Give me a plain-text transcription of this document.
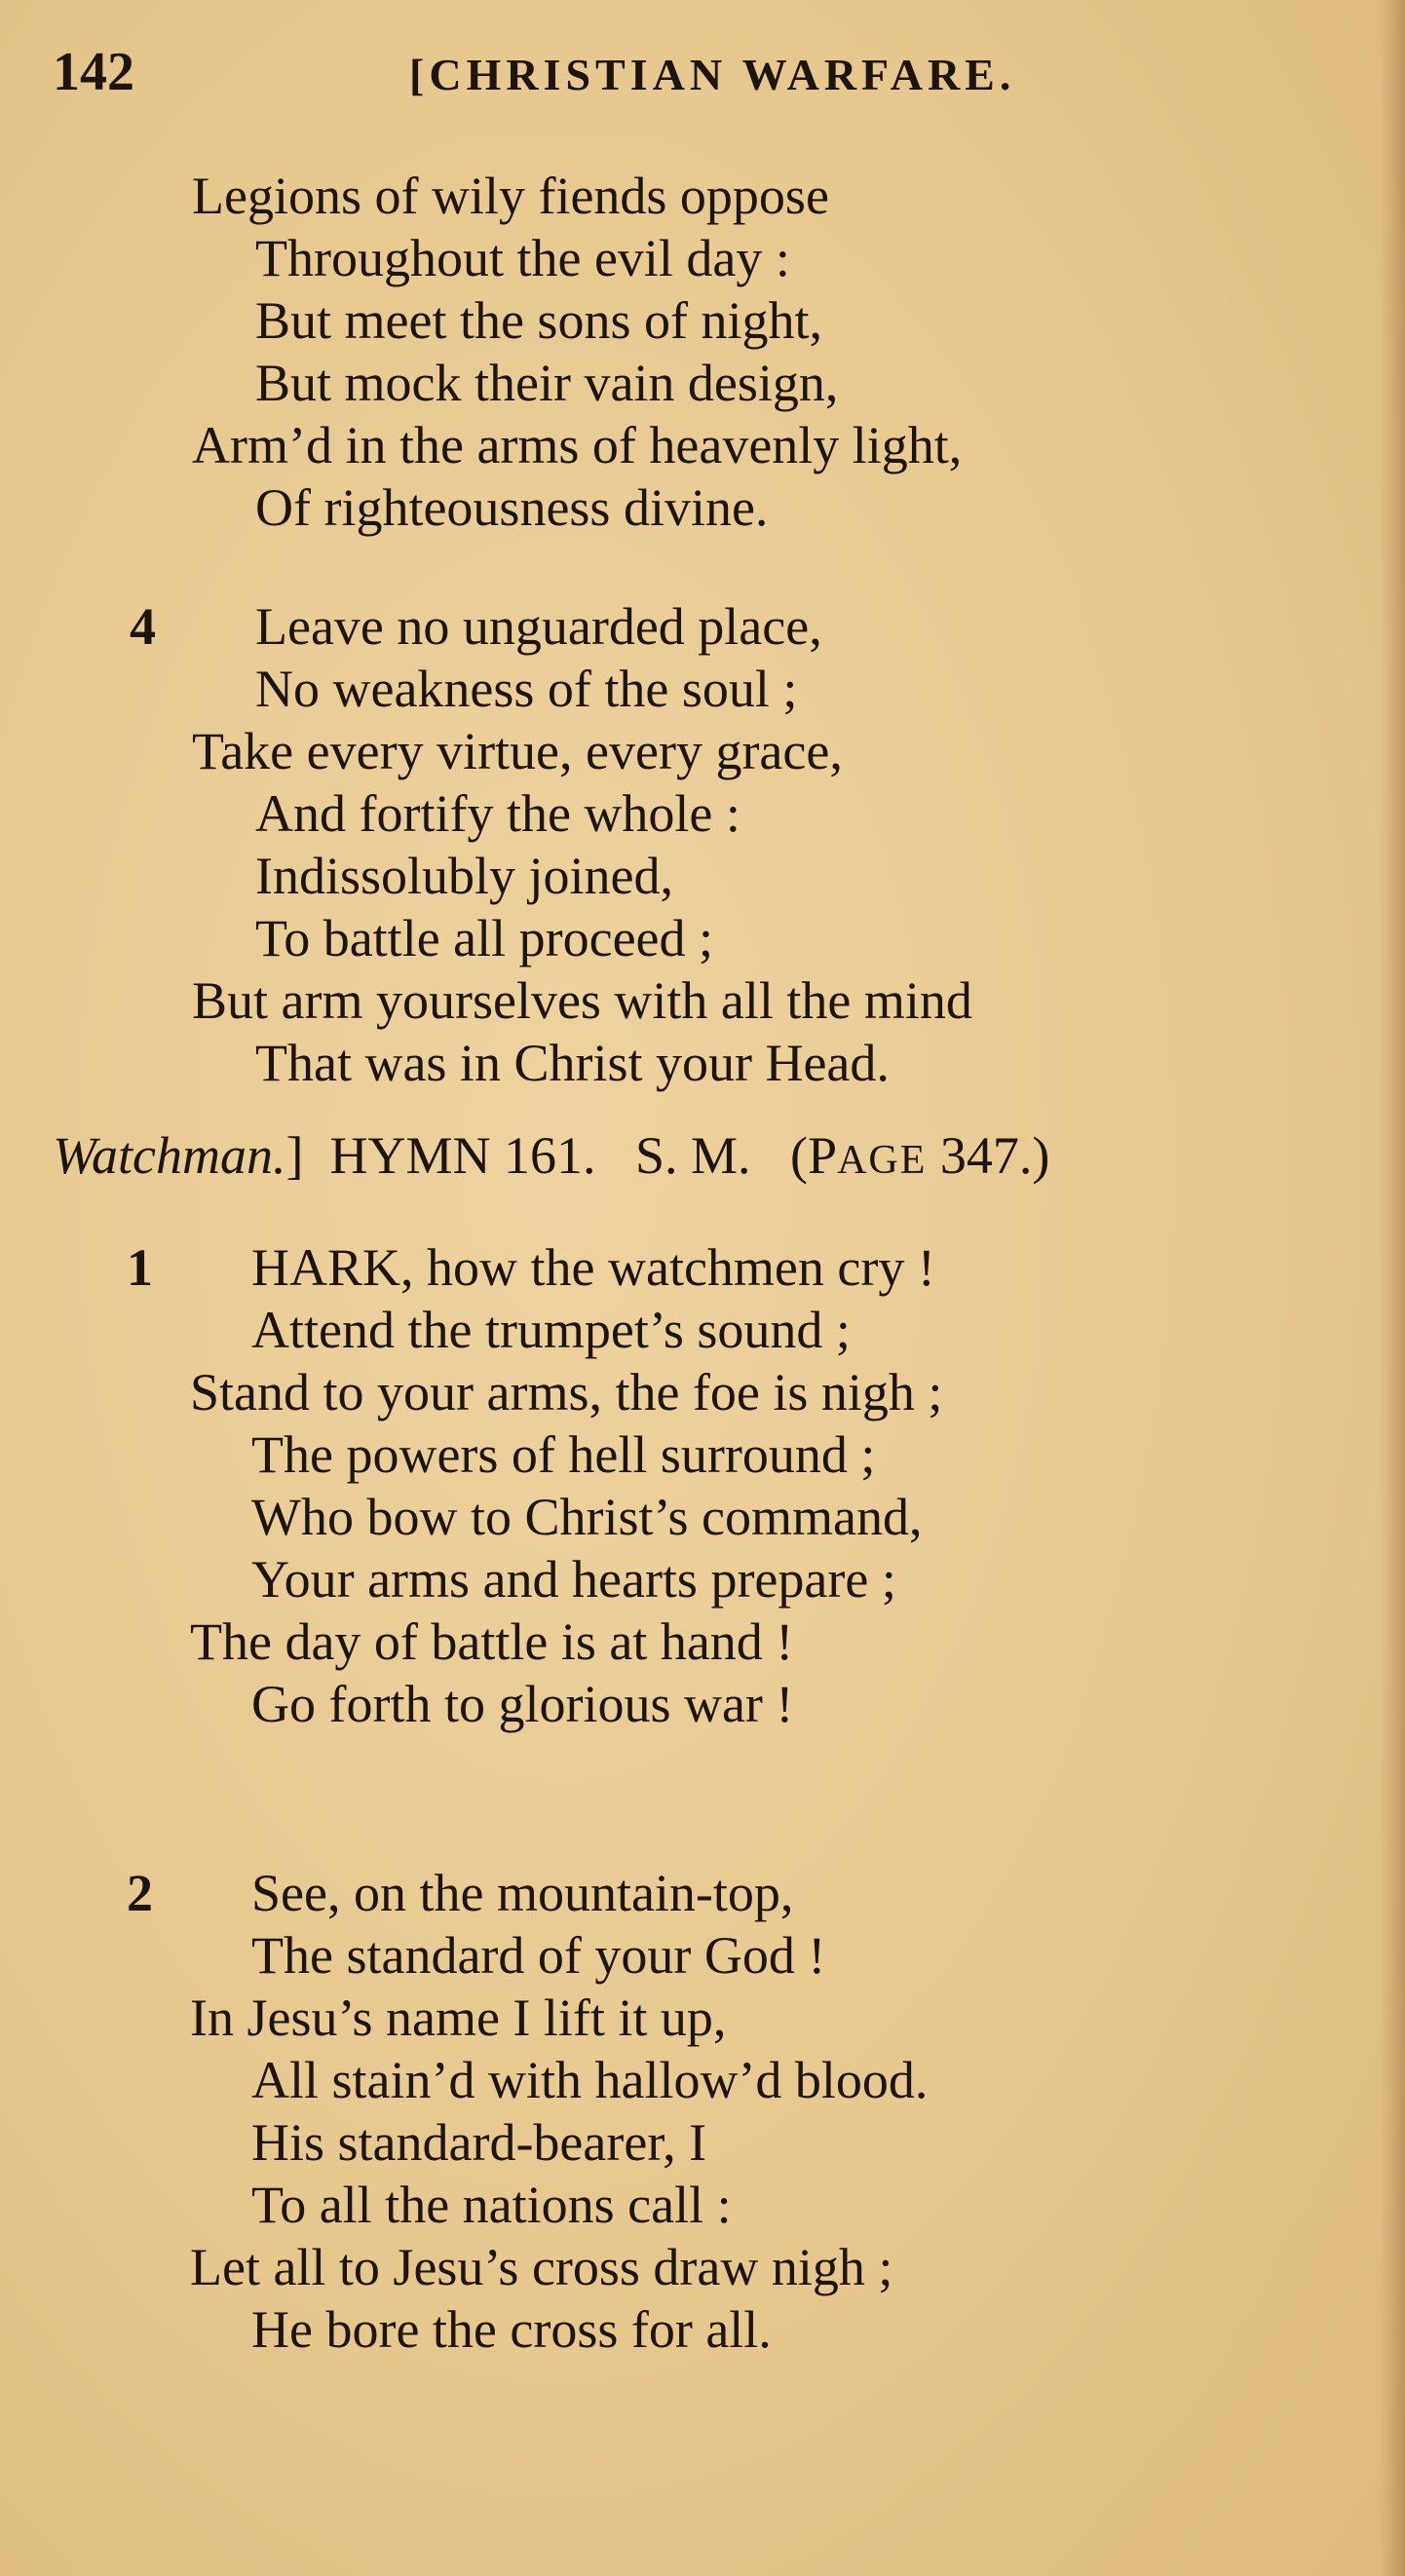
142	[CHRISTIAN WARFARE.
Legions of wily fiends oppose
Throughout the evil day :
But meet the sons of night,
But mock their vain design,
Arm’d in the arms of heavenly light,
Of righteousness divine.
4 Leave no unguarded place,
No weakness of the soul ;
Take every virtue, every grace,
And fortify the whole :
Indissolubly joined,
To battle all proceed ;
But arm yourselves with all the mind
That was in Christ your Head.
Watchman.] HYMN 161. S. M. (PAGE 347.)
1 HARK, how the watchmen cry !
Attend the trumpet’s sound ;
Stand to your arms, the foe is nigh ;
The powers of hell surround ;
Who bow to Christ’s command,
Your arms and hearts prepare ;
The day of battle is at hand !
Go forth to glorious war !
2 See, on the mountain-top,
The standard of your God !
In Jesu’s name I lift it up,
All stain’d with hallow’d blood.
His standard-bearer, I
To all the nations call :
Let all to Jesu’s cross draw nigh ;
He bore the cross for all.
